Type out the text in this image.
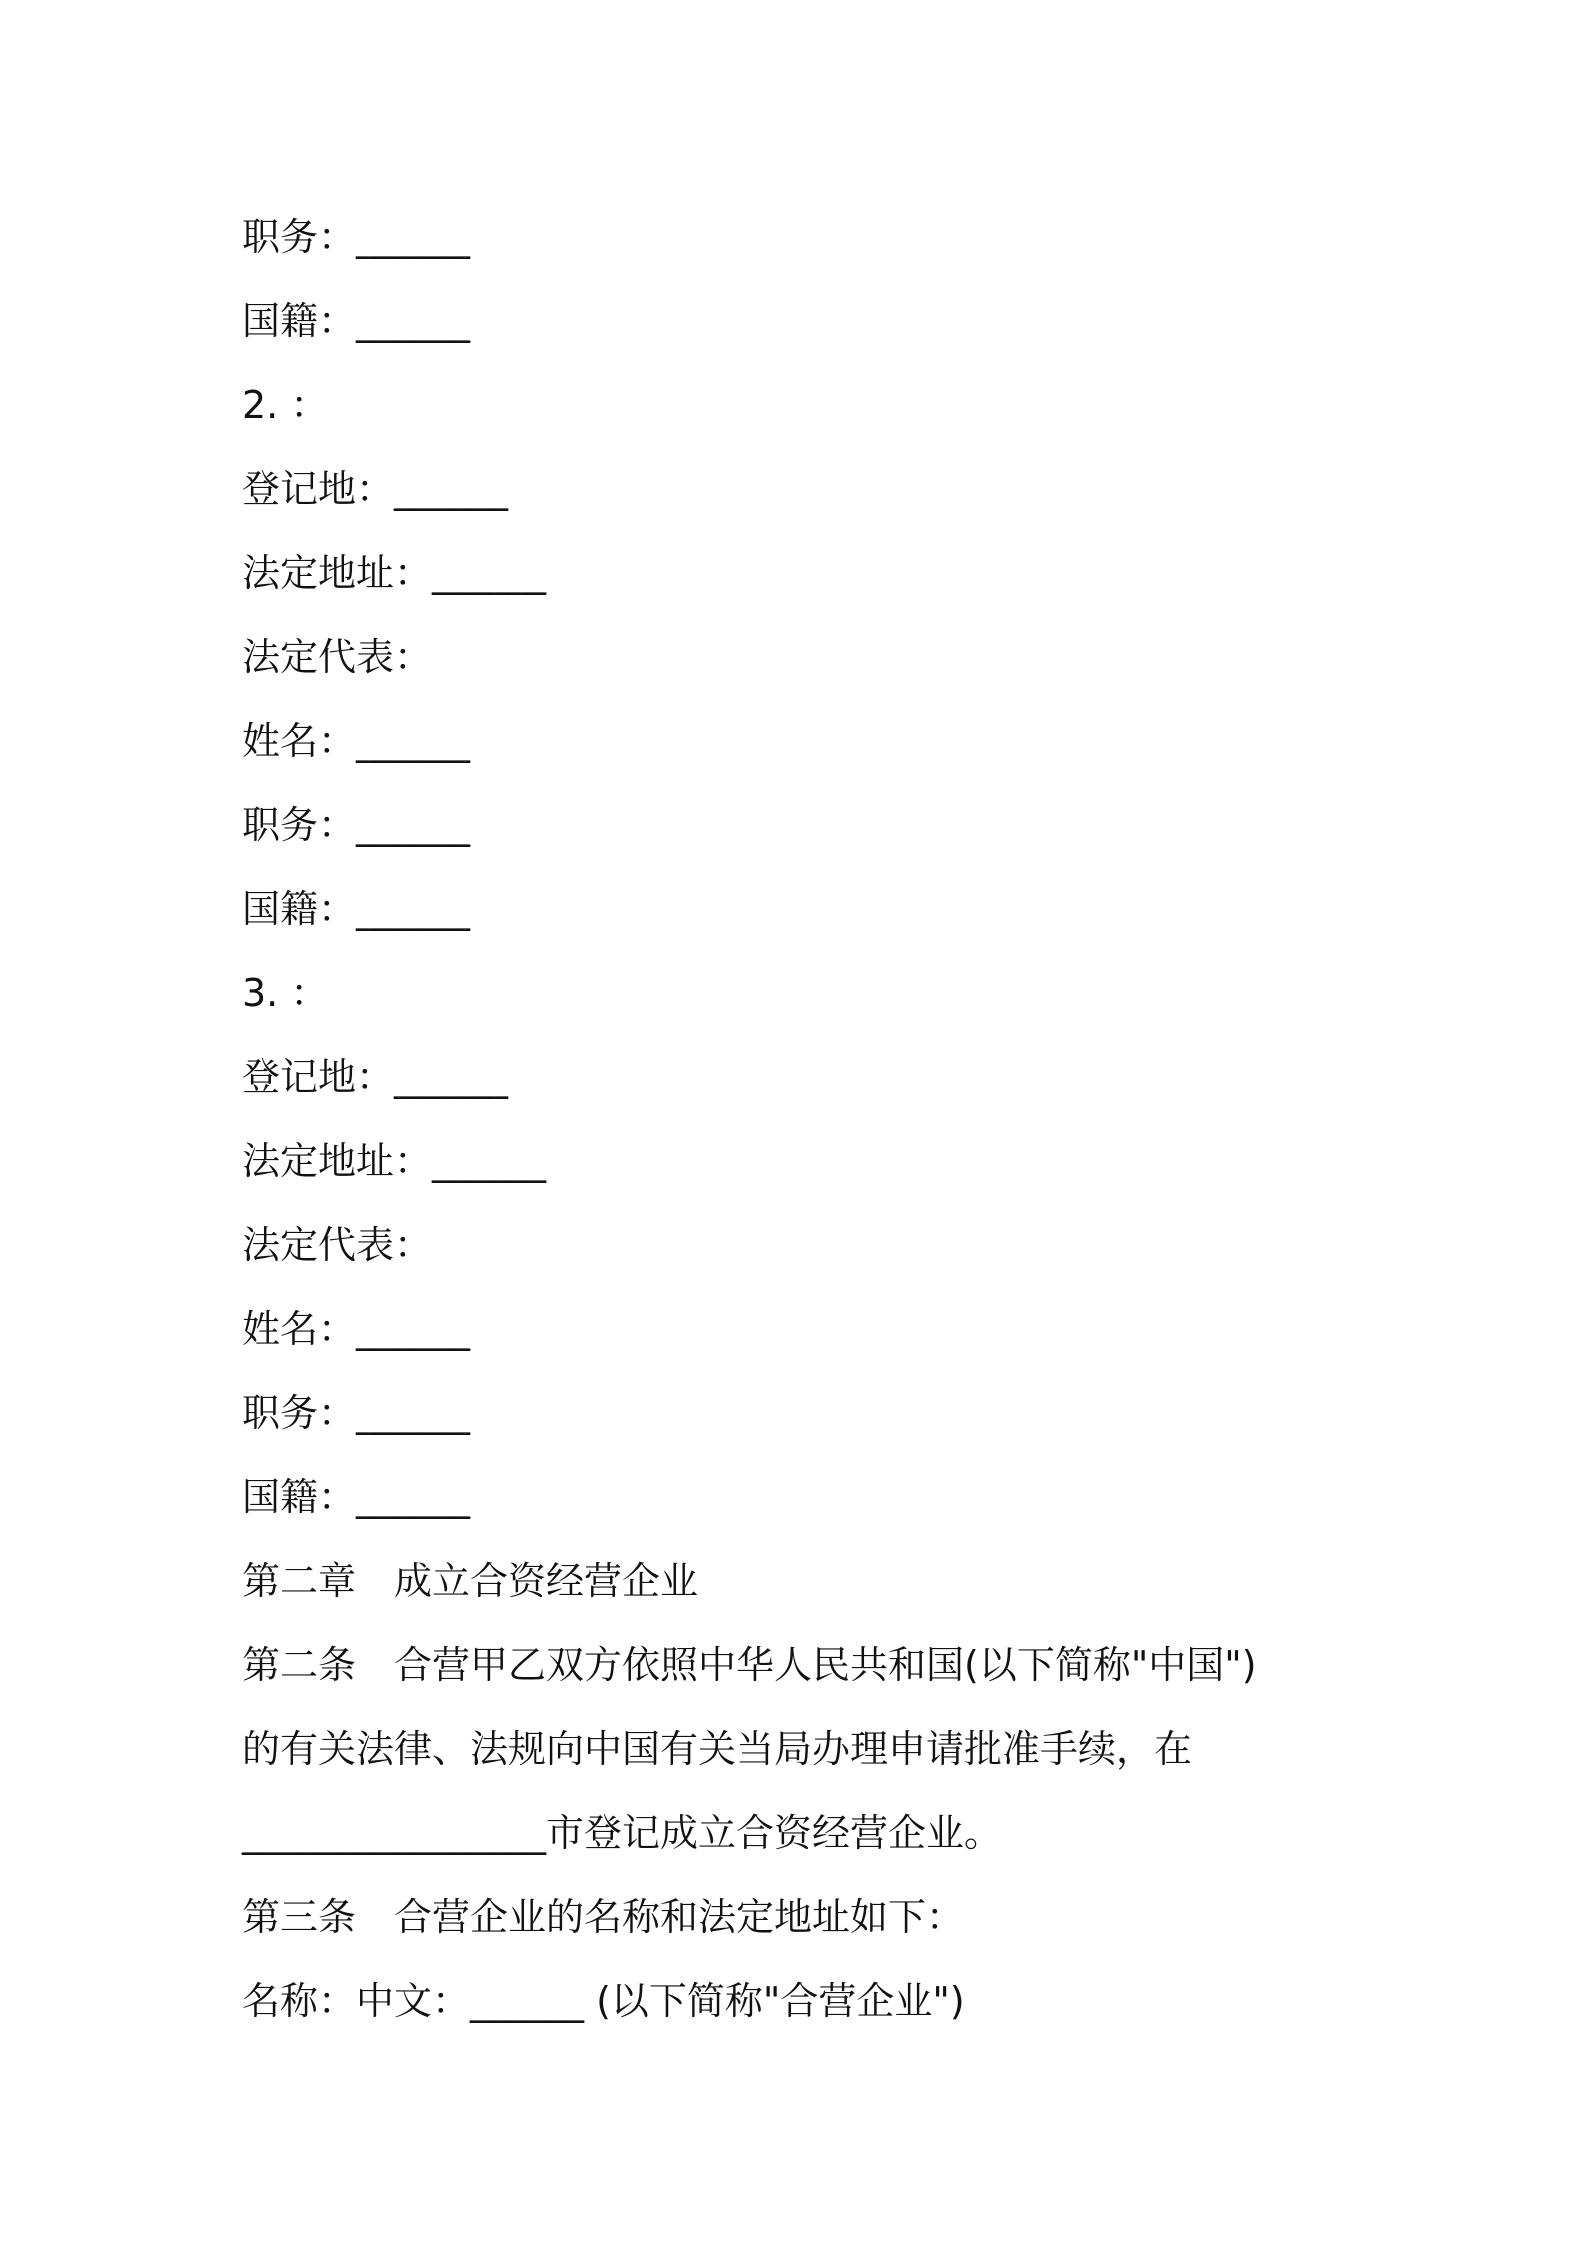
职务：______
国籍：______
2. ：
登记地：______
法定地址：______
法定代表：
姓名：______
职务：______
国籍：______
3. ：
登记地：______
法定地址：______
法定代表：
姓名：______
职务：______
国籍：______
第二章　成立合资经营企业
第二条　合营甲乙双方依照中华人民共和国(以下简称"中国")
的有关法律、法规向中国有关当局办理申请批准手续，在
________________市登记成立合资经营企业。
第三条　合营企业的名称和法定地址如下：
名称：中文：______ (以下简称"合营企业")
